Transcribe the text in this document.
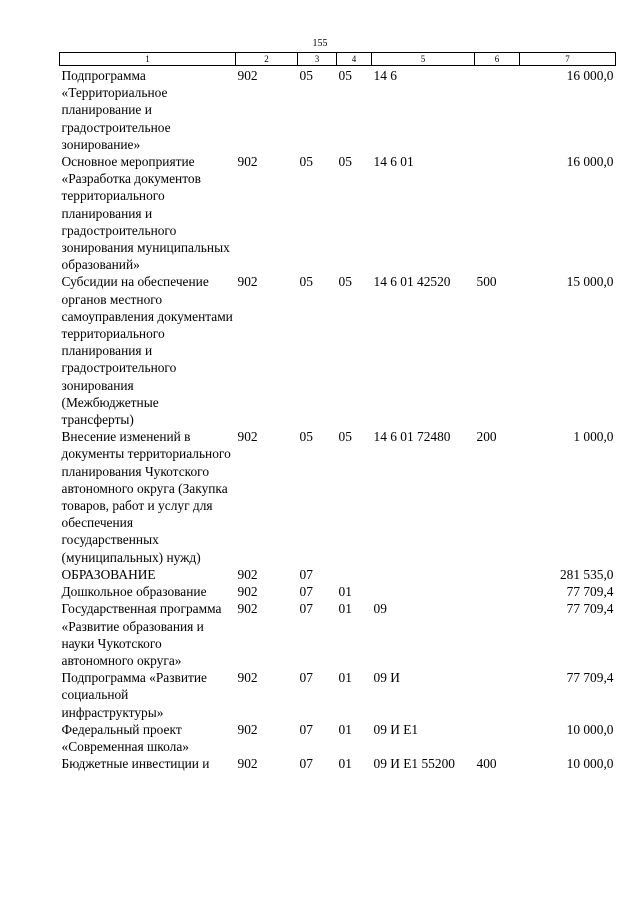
155
1	2	3	4	5	6	7
Подпрограмма «Территориальное планирование и градостроительное зонирование»	902	05	05	14 6		16 000,0
Основное мероприятие «Разработка документов территориального планирования и градостроительного зонирования муниципальных образований»	902	05	05	14 6 01		16 000,0
Субсидии на обеспечение органов местного самоуправления документами территориального планирования и градостроительного зонирования (Межбюджетные трансферты)	902	05	05	14 6 01 42520	500	15 000,0
Внесение изменений в документы территориального планирования Чукотского автономного округа (Закупка товаров, работ и услуг для обеспечения государственных (муниципальных) нужд)	902	05	05	14 6 01 72480	200	1 000,0
ОБРАЗОВАНИЕ	902	07				281 535,0
Дошкольное образование	902	07	01			77 709,4
Государственная программа «Развитие образования и науки Чукотского автономного округа»	902	07	01	09		77 709,4
Подпрограмма «Развитие социальной инфраструктуры»	902	07	01	09 И		77 709,4
Федеральный проект «Современная школа»	902	07	01	09 И Е1		10 000,0
Бюджетные инвестиции и	902	07	01	09 И Е1 55200	400	10 000,0
